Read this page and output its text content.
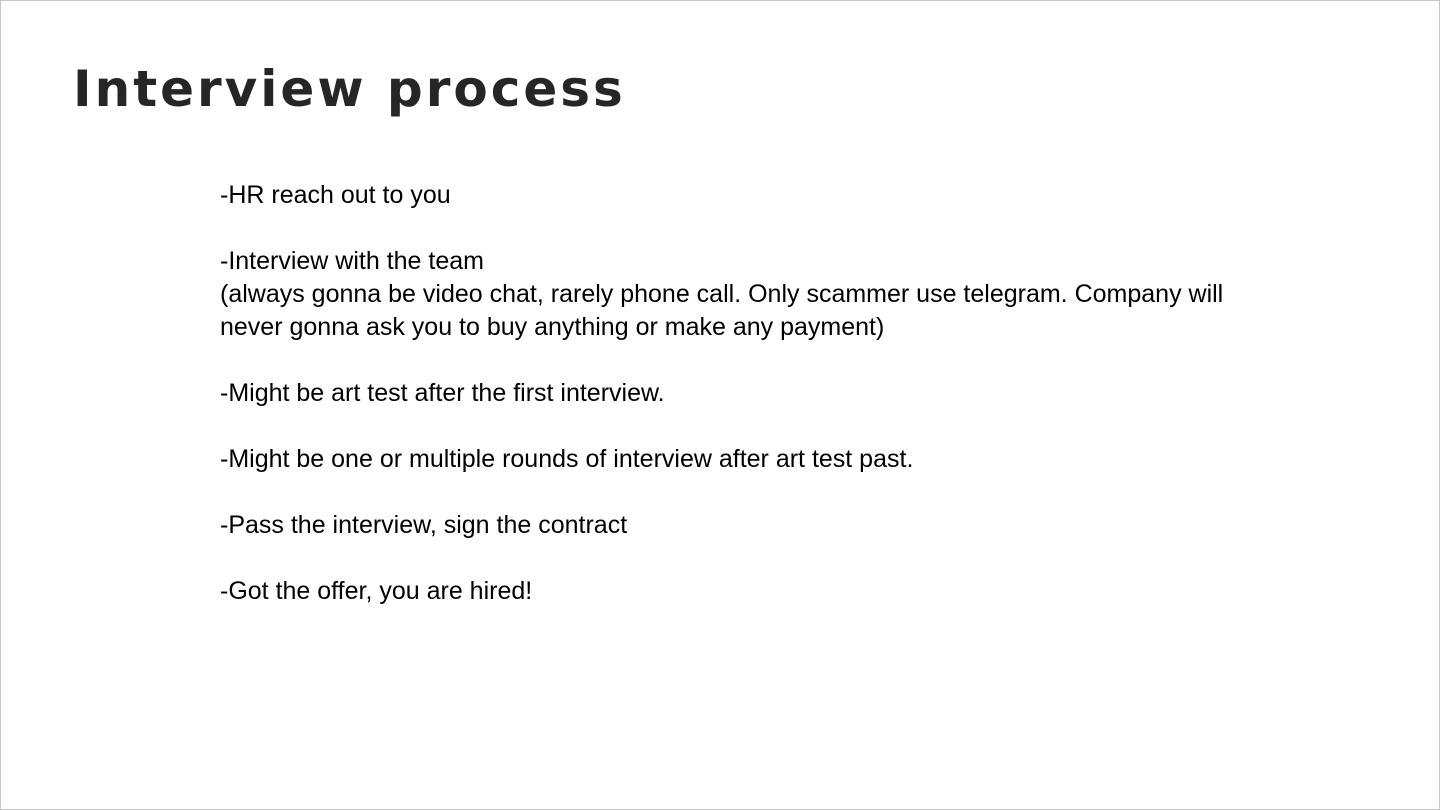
Interview process

-HR reach out to you

-Interview with the team
(always gonna be video chat, rarely phone call. Only scammer use telegram. Company will
never gonna ask you to buy anything or make any payment)

-Might be art test after the first interview.

-Might be one or multiple rounds of interview after art test past.

-Pass the interview, sign the contract

-Got the offer, you are hired!
